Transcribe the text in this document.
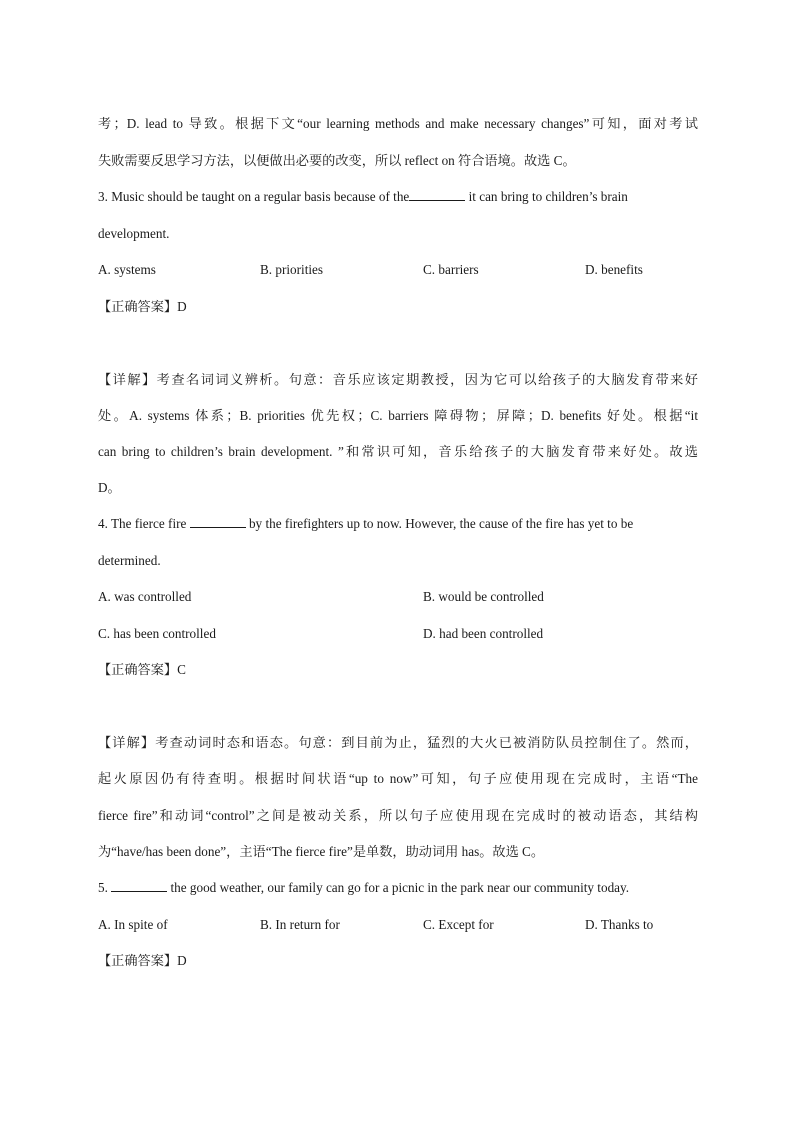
考；D. lead to 导致。根据下文“our learning methods and make necessary changes”可知，面对考试
失败需要反思学习方法，以便做出必要的改变，所以 reflect on 符合语境。故选 C。
3. Music should be taught on a regular basis because of the	it can bring to children’s brain
development.
A. systems	B. priorities	C. barriers	D. benefits
【正确答案】D
【详解】考查名词词义辨析。句意：音乐应该定期教授，因为它可以给孩子的大脑发育带来好
处。A. systems 体系；B. priorities 优先权；C. barriers 障碍物；屏障；D. benefits 好处。根据“it
can bring to children’s brain development. ”和常识可知，音乐给孩子的大脑发育带来好处。故选
D。
4. The fierce fire	by the firefighters up to now. However, the cause of the fire has yet to be
determined.
A. was controlled	B. would be controlled
C. has been controlled	D. had been controlled
【正确答案】C
【详解】考查动词时态和语态。句意：到目前为止，猛烈的大火已被消防队员控制住了。然而，
起火原因仍有待查明。根据时间状语“up to now”可知，句子应使用现在完成时，主语“The
fierce fire”和动词“control”之间是被动关系，所以句子应使用现在完成时的被动语态，其结构
为“have/has been done”，主语“The fierce fire”是单数，助动词用 has。故选 C。
5.	the good weather, our family can go for a picnic in the park near our community today.
A. In spite of	B. In return for	C. Except for	D. Thanks to
【正确答案】D
